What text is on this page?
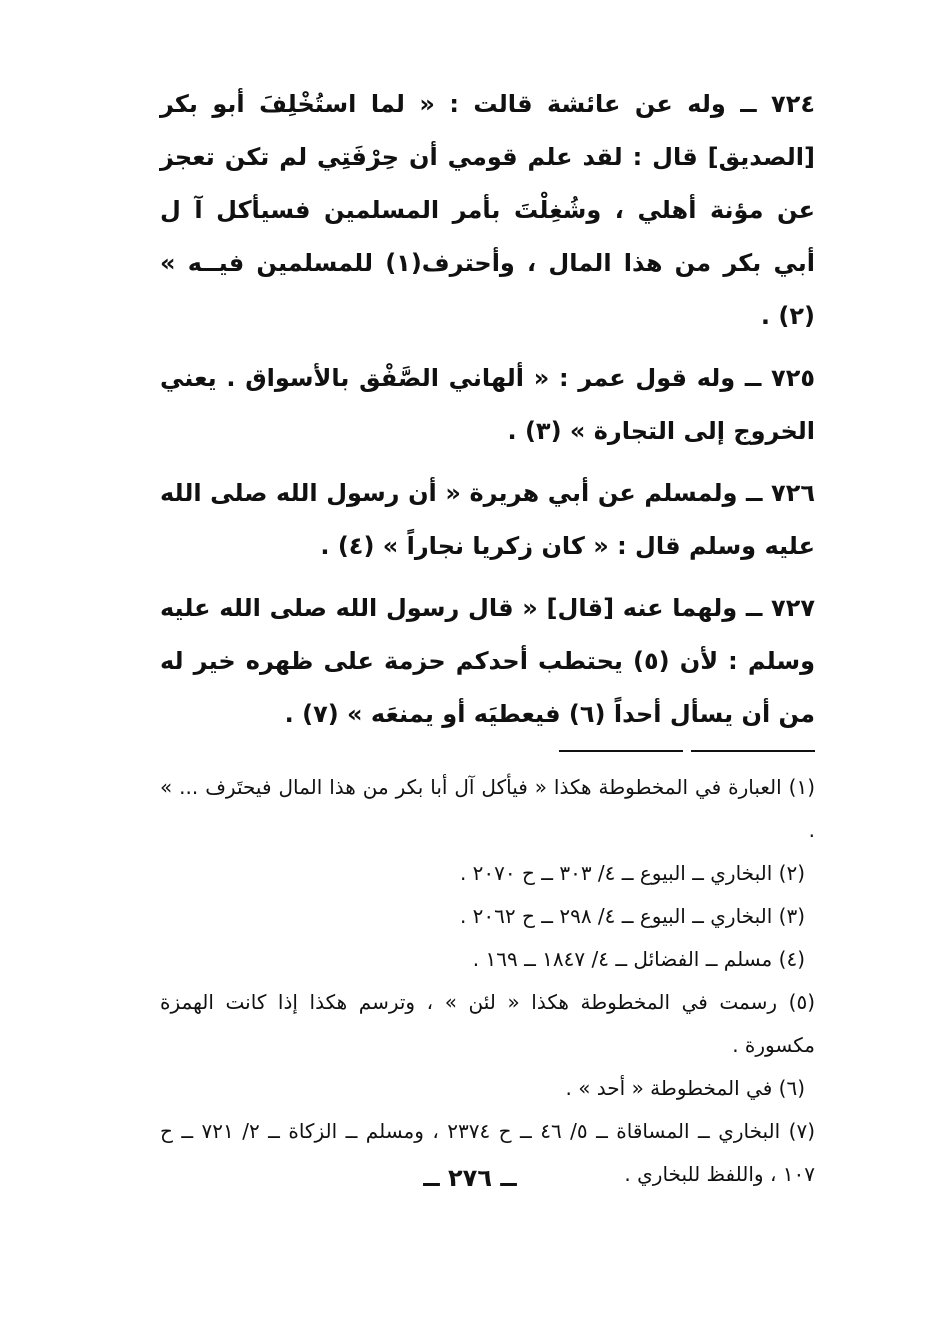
٧٢٤ ــ وله عن عائشة قالت : « لما استُخْلِفَ أبو بكر [الصديق] قال : لقد علم قومي أن حِرْفَتِي لم تكن تعجز عن مؤنة أهلي ، وشُغِلْتَ بأمر المسلمين فسيأكل آ ل أبي بكر من هذا المال ، وأحترف(١) للمسلمين فيــه » (٢) .

٧٢٥ ــ وله قول عمر : « ألهاني الصَّفْق بالأسواق . يعني الخروج إلى التجارة » (٣) .

٧٢٦ ــ ولمسلم عن أبي هريرة « أن رسول الله صلى الله عليه وسلم قال : « كان زكريا نجاراً » (٤) .

٧٢٧ ــ ولهما عنه [قال] « قال رسول الله صلى الله عليه وسلم : لأن (٥) يحتطب أحدكم حزمة على ظهره خير له من أن يسأل أحداً (٦) فيعطيَه أو يمنعَه » (٧) .

(١) العبارة في المخطوطة هكذا « فيأكل آل أبا بكر من هذا المال فيحتَرف ... » .

(٢) البخاري ــ البيوع ــ ٤/ ٣٠٣ ــ ح ٢٠٧٠ .

(٣) البخاري ــ البيوع ــ ٤/ ٢٩٨ ــ ح ٢٠٦٢ .

(٤) مسلم ــ الفضائل ــ ٤/ ١٨٤٧ ــ ١٦٩ .

(٥) رسمت في المخطوطة هكذا « لئن » ، وترسم هكذا إذا كانت الهمزة مكسورة .

(٦) في المخطوطة « أحد » .

(٧) البخاري ــ المساقاة ــ ٥/ ٤٦ ــ ح ٢٣٧٤ ، ومسلم ــ الزكاة ــ ٢/ ٧٢١ ــ ح ١٠٧ ، واللفظ للبخاري .

ــ ٢٧٦ ــ
